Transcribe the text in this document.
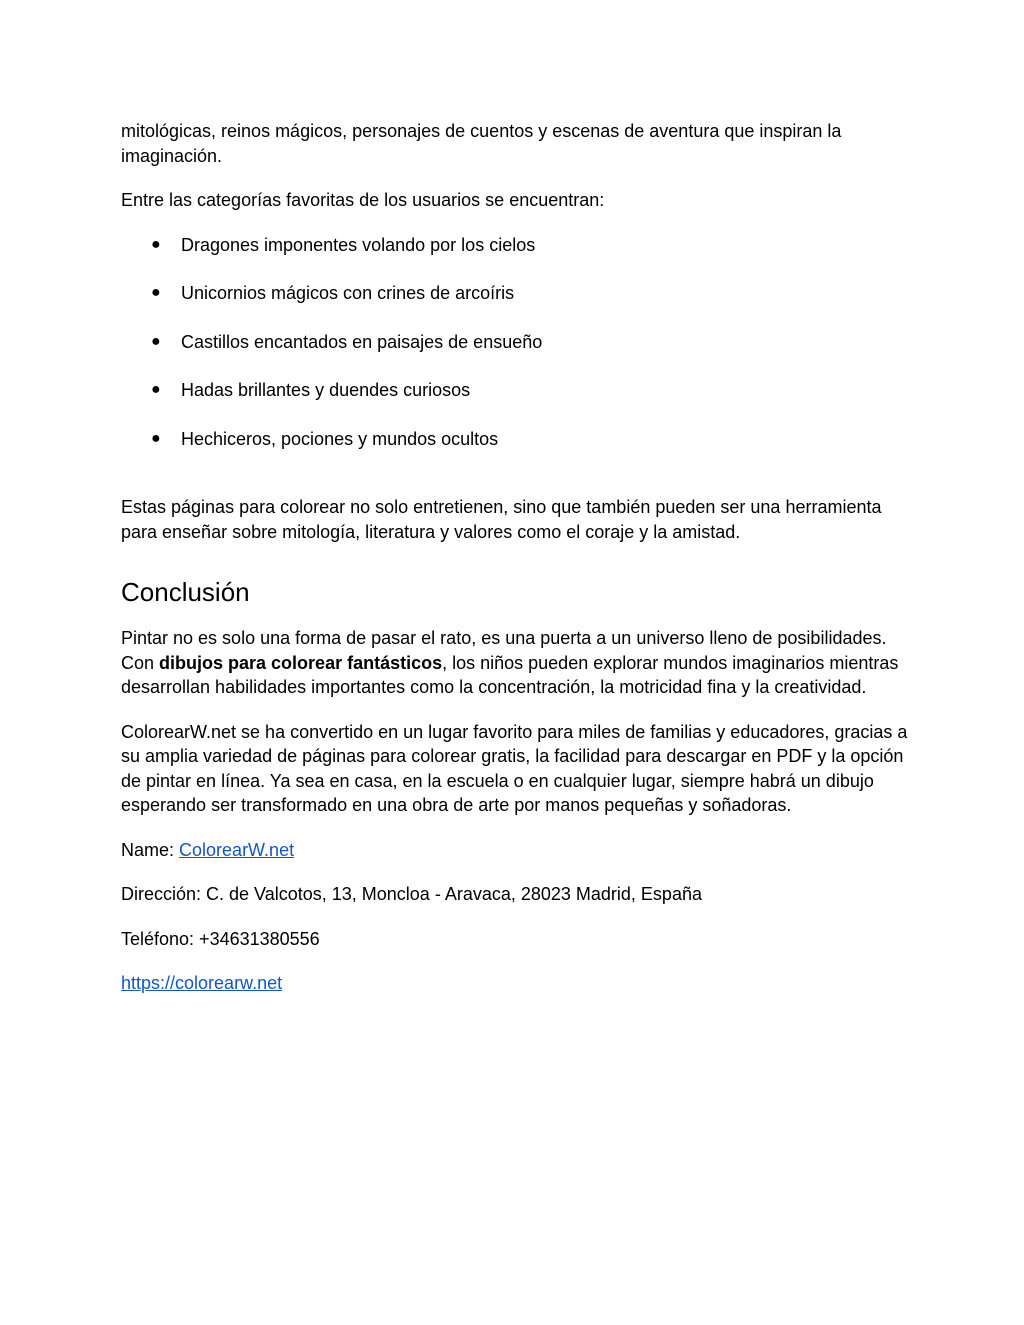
mitológicas, reinos mágicos, personajes de cuentos y escenas de aventura que inspiran la imaginación.

Entre las categorías favoritas de los usuarios se encuentran:

● Dragones imponentes volando por los cielos
● Unicornios mágicos con crines de arcoíris
● Castillos encantados en paisajes de ensueño
● Hadas brillantes y duendes curiosos
● Hechiceros, pociones y mundos ocultos

Estas páginas para colorear no solo entretienen, sino que también pueden ser una herramienta para enseñar sobre mitología, literatura y valores como el coraje y la amistad.

Conclusión

Pintar no es solo una forma de pasar el rato, es una puerta a un universo lleno de posibilidades. Con dibujos para colorear fantásticos, los niños pueden explorar mundos imaginarios mientras desarrollan habilidades importantes como la concentración, la motricidad fina y la creatividad.

ColorearW.net se ha convertido en un lugar favorito para miles de familias y educadores, gracias a su amplia variedad de páginas para colorear gratis, la facilidad para descargar en PDF y la opción de pintar en línea. Ya sea en casa, en la escuela o en cualquier lugar, siempre habrá un dibujo esperando ser transformado en una obra de arte por manos pequeñas y soñadoras.

Name: ColorearW.net

Dirección: C. de Valcotos, 13, Moncloa - Aravaca, 28023 Madrid, España

Teléfono: +34631380556

https://colorearw.net
